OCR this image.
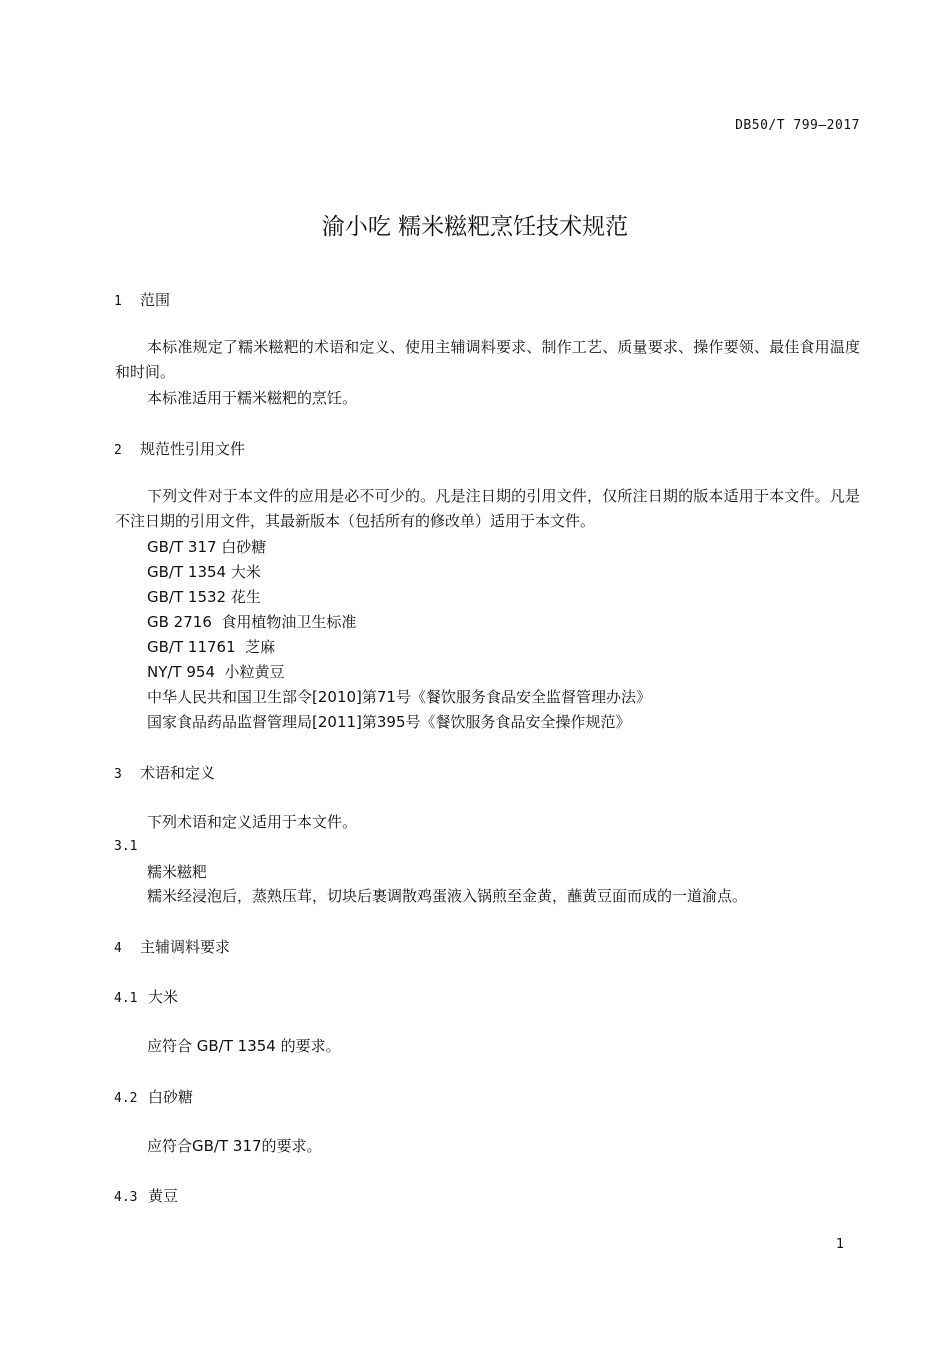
DB50/T 799—2017
渝小吃 糯米糍粑烹饪技术规范
1 范围
本标准规定了糯米糍粑的术语和定义、使用主辅调料要求、制作工艺、质量要求、操作要领、最佳食用温度和时间。
本标准适用于糯米糍粑的烹饪。
2 规范性引用文件
下列文件对于本文件的应用是必不可少的。凡是注日期的引用文件，仅所注日期的版本适用于本文件。凡是不注日期的引用文件，其最新版本（包括所有的修改单）适用于本文件。
GB/T 317 白砂糖
GB/T 1354 大米
GB/T 1532 花生
GB 2716  食用植物油卫生标准
GB/T 11761  芝麻
NY/T 954  小粒黄豆
中华人民共和国卫生部令[2010]第71号《餐饮服务食品安全监督管理办法》
国家食品药品监督管理局[2011]第395号《餐饮服务食品安全操作规范》
3 术语和定义
下列术语和定义适用于本文件。
3.1
糯米糍粑
糯米经浸泡后，蒸熟压茸，切块后裹调散鸡蛋液入锅煎至金黄，蘸黄豆面而成的一道渝点。
4 主辅调料要求
4.1 大米
应符合 GB/T 1354 的要求。
4.2 白砂糖
应符合GB/T 317的要求。
4.3 黄豆
1
